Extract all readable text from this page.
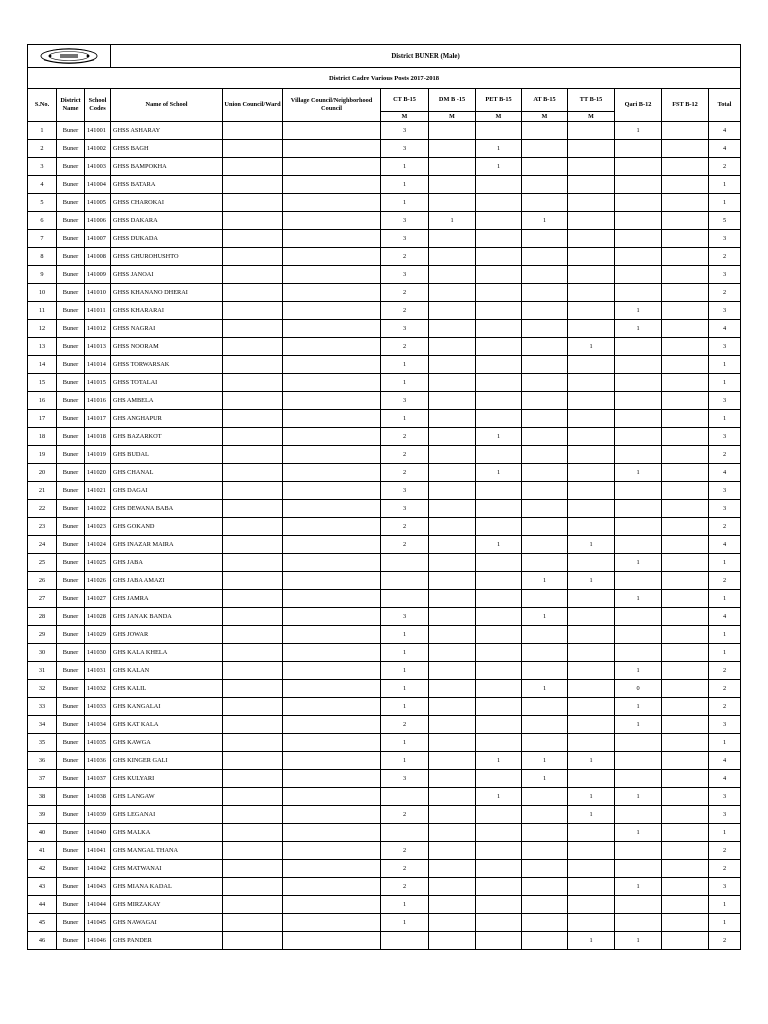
	District BUNER (Male)										
District Cadre Various Posts 2017-2018													
S.No.	District Name	School Codes	Name of School	Union Council/Ward	Village Council/Neighborhood Council	CT B-15	DM B -15	PET B-15	AT B-15	TT B-15	Qari B-12	FST B-12	Total
						M	M	M	M	M			
1	Buner	141001	GHSS ASHARAY			3					1		4
2	Buner	141002	GHSS BAGH			3		1					4
3	Buner	141003	GHSS BAMPOKHA			1		1					2
4	Buner	141004	GHSS BATARA			1							1
5	Buner	141005	GHSS CHAROKAI			1							1
6	Buner	141006	GHSS DAKARA			3	1		1				5
7	Buner	141007	GHSS DUKADA			3							3
8	Buner	141008	GHSS GHUROHUSHTO			2							2
9	Buner	141009	GHSS JANOAI			3							3
10	Buner	141010	GHSS KHANANO DHERAI			2							2
11	Buner	141011	GHSS KHARARAI			2					1		3
12	Buner	141012	GHSS NAGRAI			3					1		4
13	Buner	141013	GHSS NOORAM			2				1			3
14	Buner	141014	GHSS TORWARSAK			1							1
15	Buner	141015	GHSS TOTALAI			1							1
16	Buner	141016	GHS AMBELA			3							3
17	Buner	141017	GHS ANGHAPUR			1							1
18	Buner	141018	GHS BAZARKOT			2		1					3
19	Buner	141019	GHS BUDAL			2							2
20	Buner	141020	GHS CHANAL			2		1			1		4
21	Buner	141021	GHS DAGAI			3							3
22	Buner	141022	GHS DEWANA BABA			3							3
23	Buner	141023	GHS GOKAND			2							2
24	Buner	141024	GHS INAZAR MAIRA			2		1		1			4
25	Buner	141025	GHS JABA								1		1
26	Buner	141026	GHS JABA AMAZI						1	1			2
27	Buner	141027	GHS JAMRA								1		1
28	Buner	141028	GHS JANAK BANDA			3			1				4
29	Buner	141029	GHS JOWAR			1							1
30	Buner	141030	GHS KALA KHELA			1							1
31	Buner	141031	GHS KALAN			1					1		2
32	Buner	141032	GHS KALIL			1			1		0		2
33	Buner	141033	GHS KANGALAI			1					1		2
34	Buner	141034	GHS KAT KALA			2					1		3
35	Buner	141035	GHS KAWGA			1							1
36	Buner	141036	GHS KINGER GALI			1		1	1	1			4
37	Buner	141037	GHS KULYARI			3			1				4
38	Buner	141038	GHS LANGAW					1		1	1		3
39	Buner	141039	GHS LEGANAI			2				1			3
40	Buner	141040	GHS MALKA								1		1
41	Buner	141041	GHS MANGAL THANA			2							2
42	Buner	141042	GHS MATWANAI			2							2
43	Buner	141043	GHS MIANA KADAL			2					1		3
44	Buner	141044	GHS MIRZAKAY			1							1
45	Buner	141045	GHS NAWAGAI			1							1
46	Buner	141046	GHS PANDER							1	1		2
